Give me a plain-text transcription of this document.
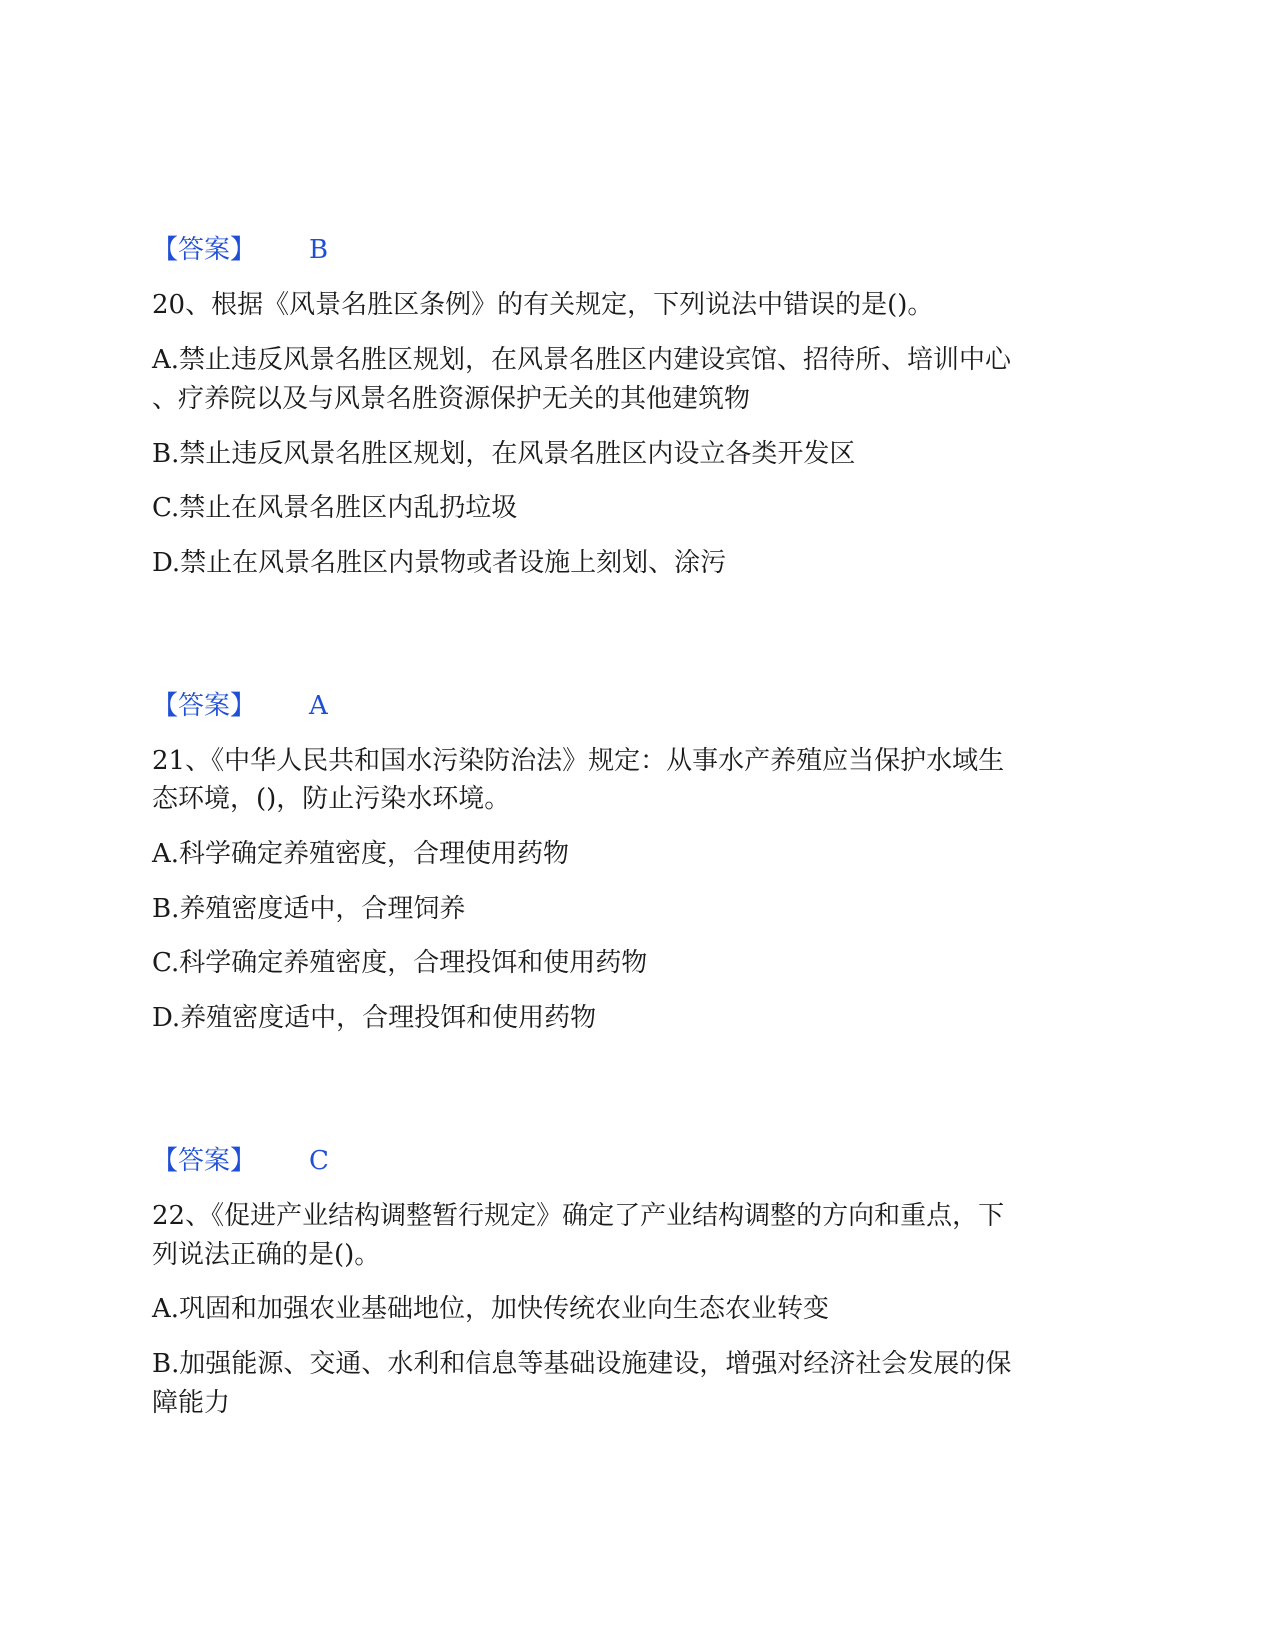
【答案】 B
20、根据《风景名胜区条例》的有关规定，下列说法中错误的是()。
A.禁止违反风景名胜区规划，在风景名胜区内建设宾馆、招待所、培训中心
、疗养院以及与风景名胜资源保护无关的其他建筑物
B.禁止违反风景名胜区规划，在风景名胜区内设立各类开发区
C.禁止在风景名胜区内乱扔垃圾
D.禁止在风景名胜区内景物或者设施上刻划、涂污
【答案】 A
21、《中华人民共和国水污染防治法》规定：从事水产养殖应当保护水域生
态环境，()，防止污染水环境。
A.科学确定养殖密度，合理使用药物
B.养殖密度适中，合理饲养
C.科学确定养殖密度，合理投饵和使用药物
D.养殖密度适中，合理投饵和使用药物
【答案】 C
22、《促进产业结构调整暂行规定》确定了产业结构调整的方向和重点，下
列说法正确的是()。
A.巩固和加强农业基础地位，加快传统农业向生态农业转变
B.加强能源、交通、水利和信息等基础设施建设，增强对经济社会发展的保
障能力
